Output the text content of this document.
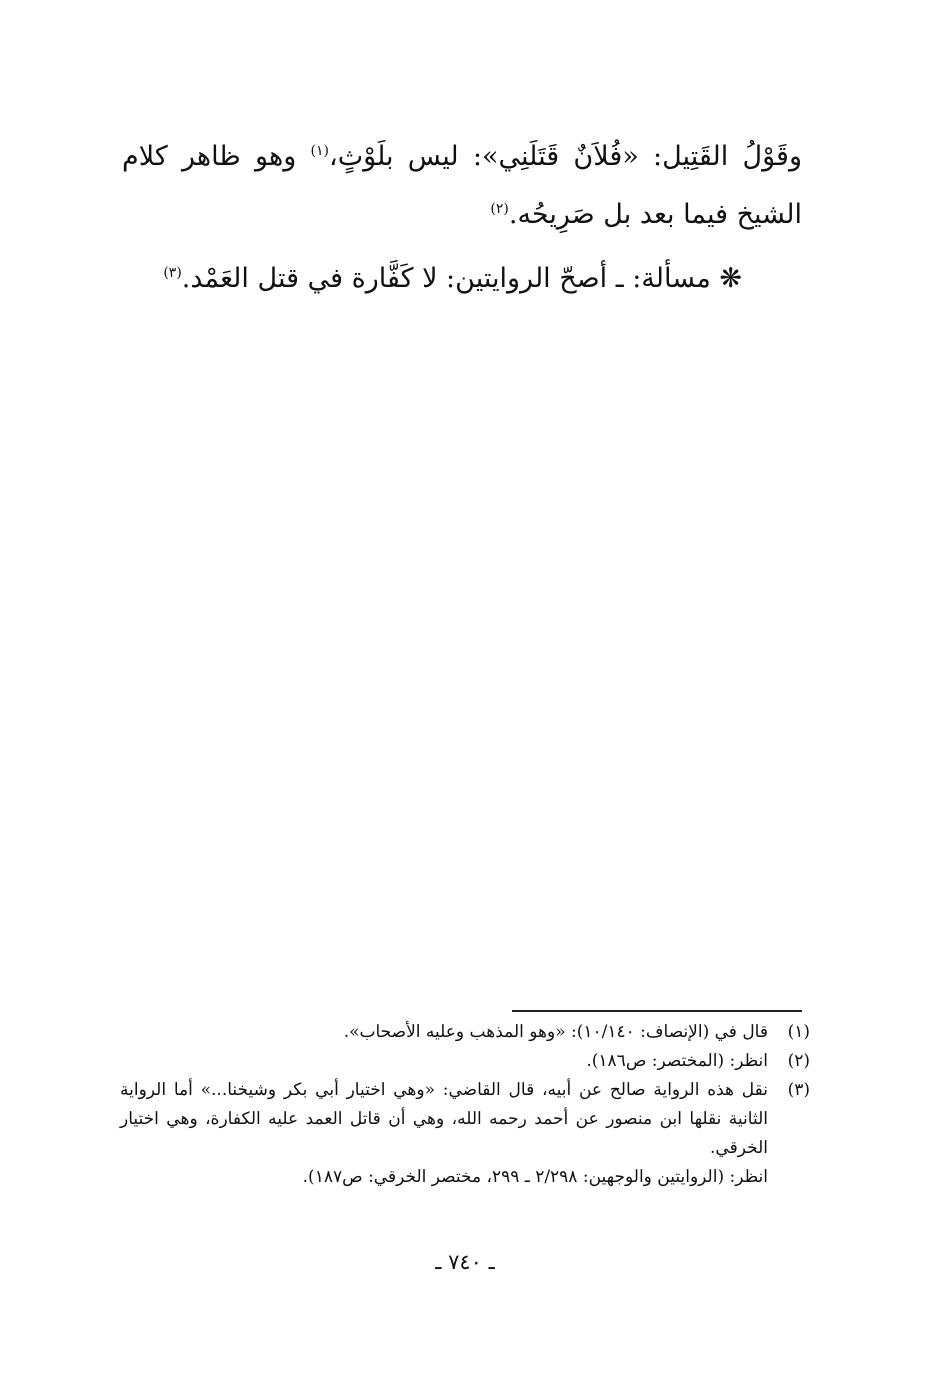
وقَوْلُ القَتِيل: «فُلاَنٌ قَتَلَنِي»: ليس بلَوْثٍ،$^{(١)}$ وهو ظاهر كلام الشيخ فيما بعد بل صَرِيحُه.$^{(٢)}$

❋ مسألة: ـ أصحّ الروايتين: لا كَفَّارة في قتل العَمْد.$^{(٣)}$

(١)

قال في (الإنصاف: ١٠/١٤٠): «وهو المذهب وعليه الأصحاب».

(٢)

انظر: (المختصر: ص١٨٦).

(٣)

نقل هذه الرواية صالح عن أبيه، قال القاضي: «وهي اختيار أبي بكر وشيخنا...» أما الرواية الثانية نقلها ابن منصور عن أحمد رحمه الله، وهي أن قاتل العمد عليه الكفارة، وهي اختيار الخرقي.

انظر: (الروايتين والوجهين: ٢/٢٩٨ ـ ٢٩٩، مختصر الخرقي: ص١٨٧).

ـ ٧٤٠ ـ
